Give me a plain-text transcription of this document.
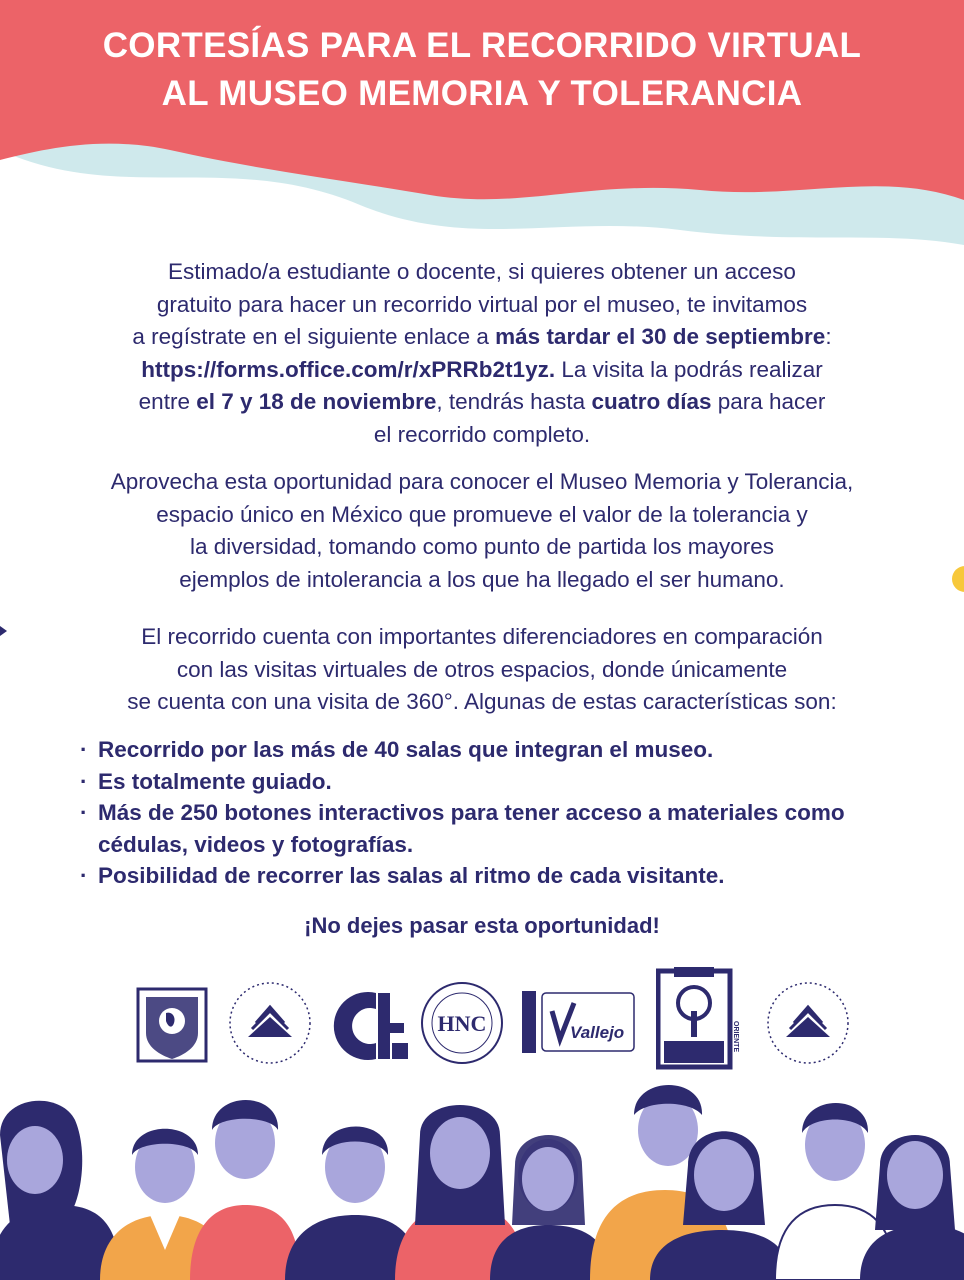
CORTESÍAS PARA EL RECORRIDO VIRTUAL
AL MUSEO MEMORIA Y TOLERANCIA
Estimado/a estudiante o docente, si quieres obtener un acceso
gratuito para hacer un recorrido virtual por el museo, te invitamos
a regístrate en el siguiente enlace a más tardar el 30 de septiembre:
https://forms.office.com/r/xPRRb2t1yz. La visita la podrás realizar
entre el 7 y 18 de noviembre, tendrás hasta cuatro días para hacer
el recorrido completo.
Aprovecha esta oportunidad para conocer el Museo Memoria y Tolerancia,
espacio único en México que promueve el valor de la tolerancia y
la diversidad, tomando como punto de partida los mayores
ejemplos de intolerancia a los que ha llegado el ser humano.
El recorrido cuenta con importantes diferenciadores en comparación
con las visitas virtuales de otros espacios, donde únicamente
se cuenta con una visita de 360°. Algunas de estas características son:
· Recorrido por las más de 40 salas que integran el museo.
· Es totalmente guiado.
· Más de 250 botones interactivos para tener acceso a materiales como cédulas, videos y fotografías.
· Posibilidad de recorrer las salas al ritmo de cada visitante.
¡No dejes pasar esta oportunidad!
HNC	Vallejo	ORIENTE
